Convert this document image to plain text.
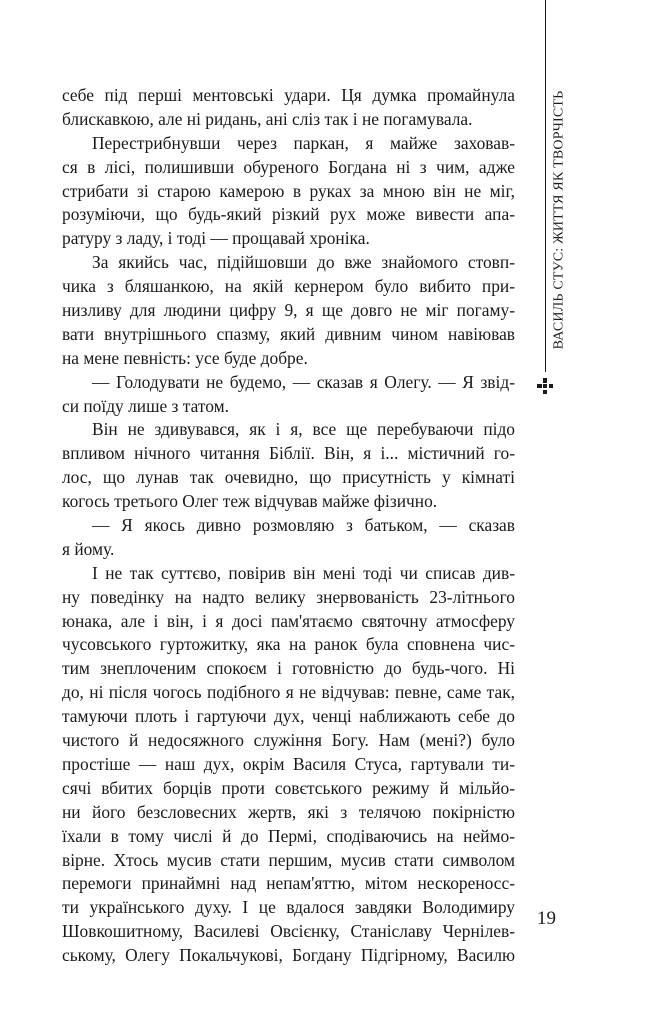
себе під перші ментовські удари. Ця думка промайнула
блискавкою, але ні ридань, ані сліз так і не погамувала.
Перестрибнувши через паркан, я майже заховав-
ся в лісі, полишивши обуреного Богдана ні з чим, адже
стрибати зі старою камерою в руках за мною він не міг,
розуміючи, що будь-який різкий рух може вивести апа-
ратуру з ладу, і тоді — прощавай хроніка.
За якийсь час, підійшовши до вже знайомого стовп-
чика з бляшанкою, на якій кернером було вибито при-
низливу для людини цифру 9, я ще довго не міг погаму-
вати внутрішнього спазму, який дивним чином навіював
на мене певність: усе буде добре.
— Голодувати не будемо, — сказав я Олегу. — Я звід-
си поїду лише з татом.
Він не здивувався, як і я, все ще перебуваючи підо
впливом нічного читання Біблії. Він, я і... містичний го-
лос, що лунав так очевидно, що присутність у кімнаті
когось третього Олег теж відчував майже фізично.
— Я якось дивно розмовляю з батьком, — сказав
я йому.
І не так суттєво, повірив він мені тоді чи списав див-
ну поведінку на надто велику знервованість 23-літнього
юнака, але і він, і я досі пам'ятаємо святочну атмосферу
чусовського гуртожитку, яка на ранок була сповнена чис-
тим знеплоченим спокоєм і готовністю до будь-чого. Ні
до, ні після чогось подібного я не відчував: певне, саме так,
тамуючи плоть і гартуючи дух, ченці наближають себе до
чистого й недосяжного служіння Богу. Нам (мені?) було
простіше — наш дух, окрім Василя Стуса, гартували ти-
сячі вбитих борців проти совєтського режиму й мільйо-
ни його безсловесних жертв, які з телячою покірністю
їхали в тому числі й до Пермі, сподіваючись на неймо-
вірне. Хтось мусив стати першим, мусив стати символом
перемоги принаймні над непам'яттю, мітом нескореносс-
ти українського духу. І це вдалося завдяки Володимиру
Шовкошитному, Василеві Овсієнку, Станіславу Чернілев-
ському, Олегу Покальчукові, Богдану Підгірному, Василю
ВАСИЛЬ СТУС: ЖИТТЯ ЯК ТВОРЧІСТЬ
19
